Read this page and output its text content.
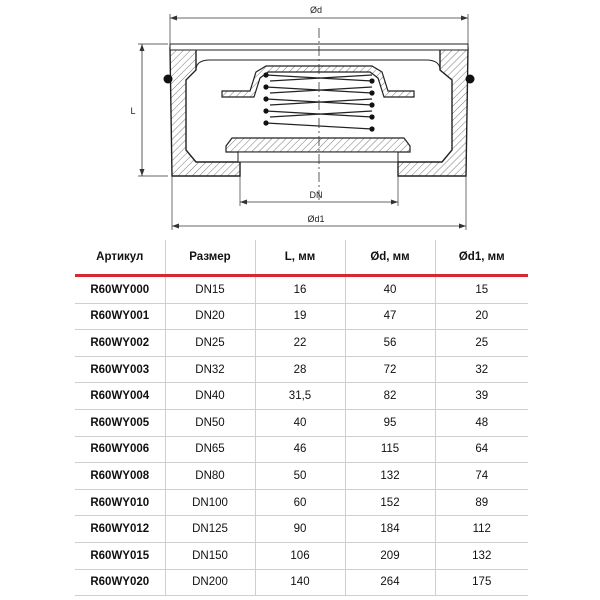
Ød
L
DN
Ød1
Артикул	Размер	L, мм	Ød, мм	Ød1, мм
R60WY000	DN15	16	40	15
R60WY001	DN20	19	47	20
R60WY002	DN25	22	56	25
R60WY003	DN32	28	72	32
R60WY004	DN40	31,5	82	39
R60WY005	DN50	40	95	48
R60WY006	DN65	46	115	64
R60WY008	DN80	50	132	74
R60WY010	DN100	60	152	89
R60WY012	DN125	90	184	112
R60WY015	DN150	106	209	132
R60WY020	DN200	140	264	175
